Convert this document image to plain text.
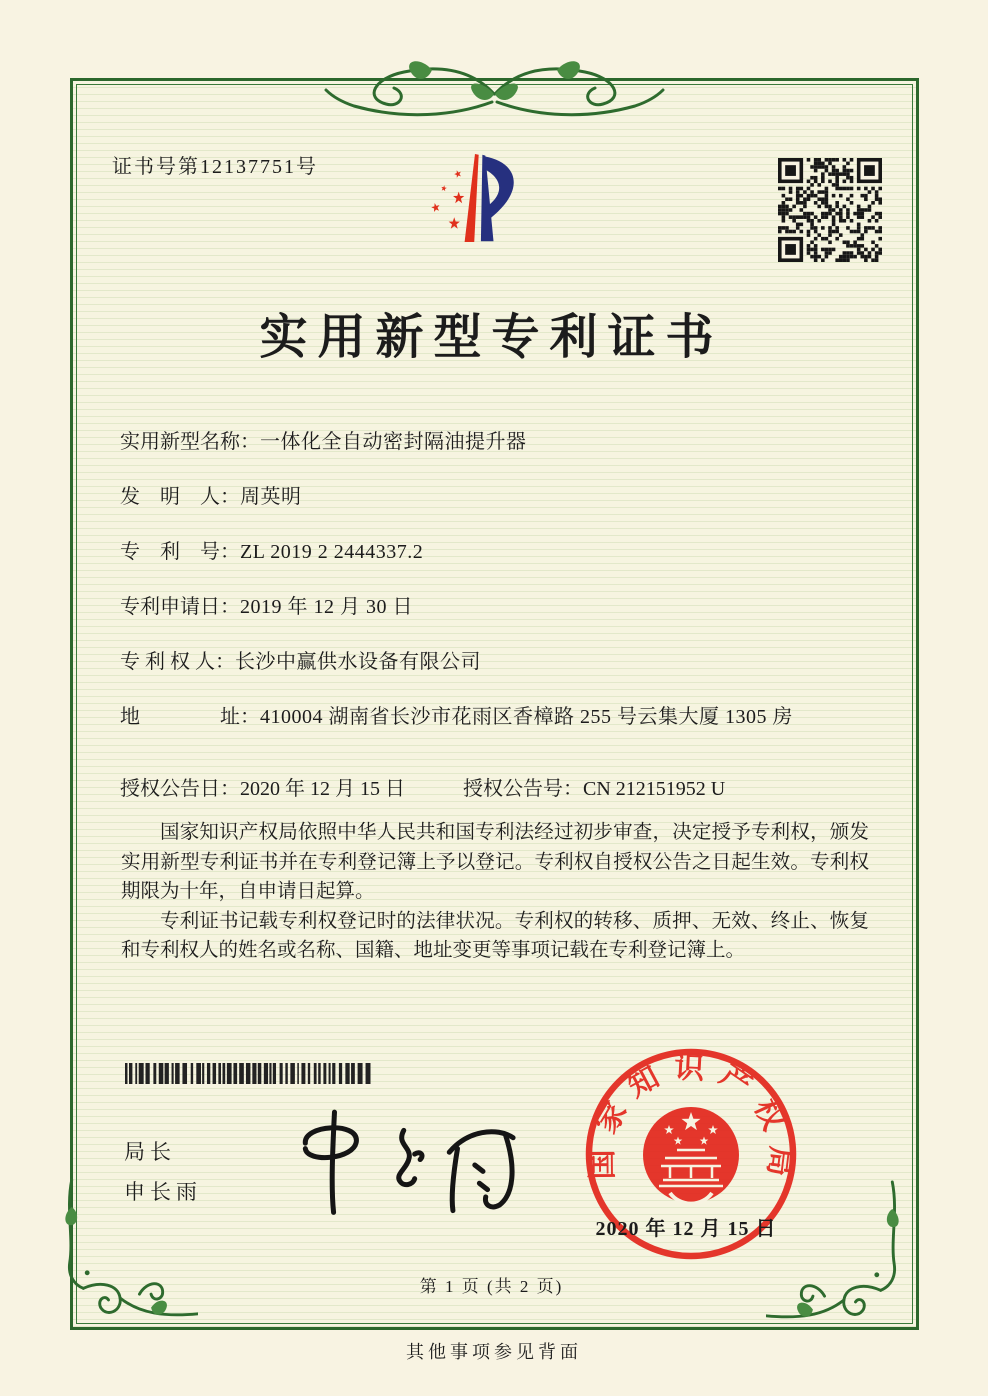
证书号第12137751号
实用新型专利证书
实用新型名称： 一体化全自动密封隔油提升器
发　明　人： 周英明
专　利　号： ZL 2019 2 2444337.2
专利申请日： 2019 年 12 月 30 日
专 利 权 人： 长沙中赢供水设备有限公司
地　　　　址： 410004 湖南省长沙市花雨区香樟路 255 号云集大厦 1305 房
授权公告日：2020 年 12 月 15 日	授权公告号：CN 212151952 U

国家知识产权局依照中华人民共和国专利法经过初步审查，决定授予专利权，颁发实用新型专利证书并在专利登记簿上予以登记。专利权自授权公告之日起生效。专利权期限为十年，自申请日起算。

专利证书记载专利权登记时的法律状况。专利权的转移、质押、无效、终止、恢复和专利权人的姓名或名称、国籍、地址变更等事项记载在专利登记簿上。

局长
申长雨
国家知识产权局
2020 年 12 月 15 日
第 1 页 (共 2 页)
其他事项参见背面
